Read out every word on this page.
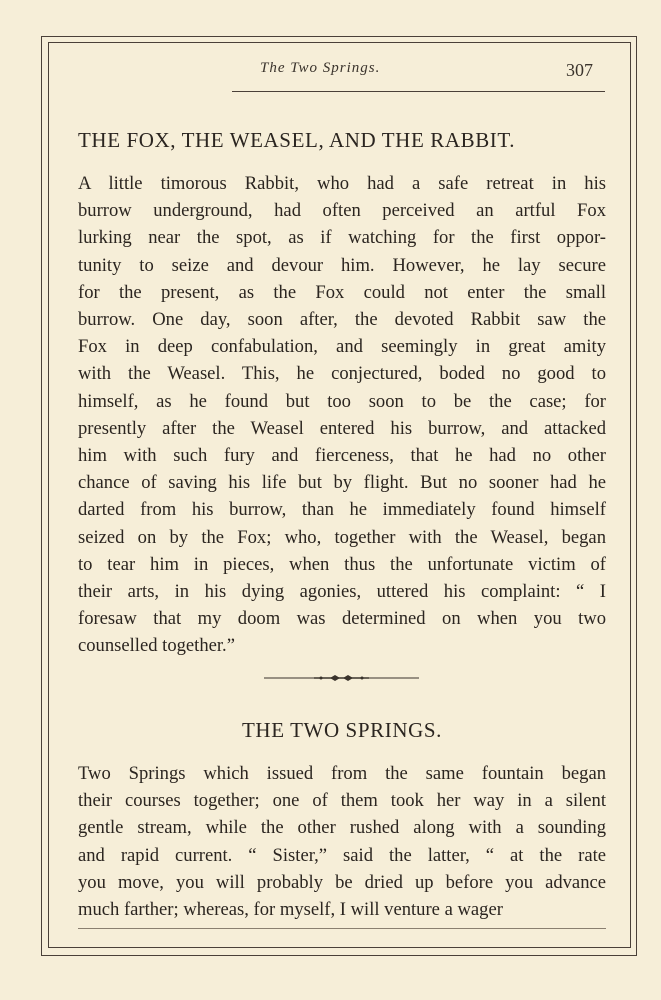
The Two Springs.	307
THE FOX, THE WEASEL, AND THE RABBIT.
A little timorous Rabbit, who had a safe retreat in his
burrow underground, had often perceived an artful Fox
lurking near the spot, as if watching for the first oppor-
tunity to seize and devour him. However, he lay secure
for the present, as the Fox could not enter the small
burrow. One day, soon after, the devoted Rabbit saw the
Fox in deep confabulation, and seemingly in great amity
with the Weasel. This, he conjectured, boded no good to
himself, as he found but too soon to be the case; for
presently after the Weasel entered his burrow, and attacked
him with such fury and fierceness, that he had no other
chance of saving his life but by flight. But no sooner had he
darted from his burrow, than he immediately found himself
seized on by the Fox; who, together with the Weasel, began
to tear him in pieces, when thus the unfortunate victim of
their arts, in his dying agonies, uttered his complaint: “ I
foresaw that my doom was determined on when you two
counselled together.”
THE TWO SPRINGS.
Two Springs which issued from the same fountain began
their courses together; one of them took her way in a silent
gentle stream, while the other rushed along with a sounding
and rapid current. “ Sister,” said the latter, “ at the rate
you move, you will probably be dried up before you advance
much farther; whereas, for myself, I will venture a wager
